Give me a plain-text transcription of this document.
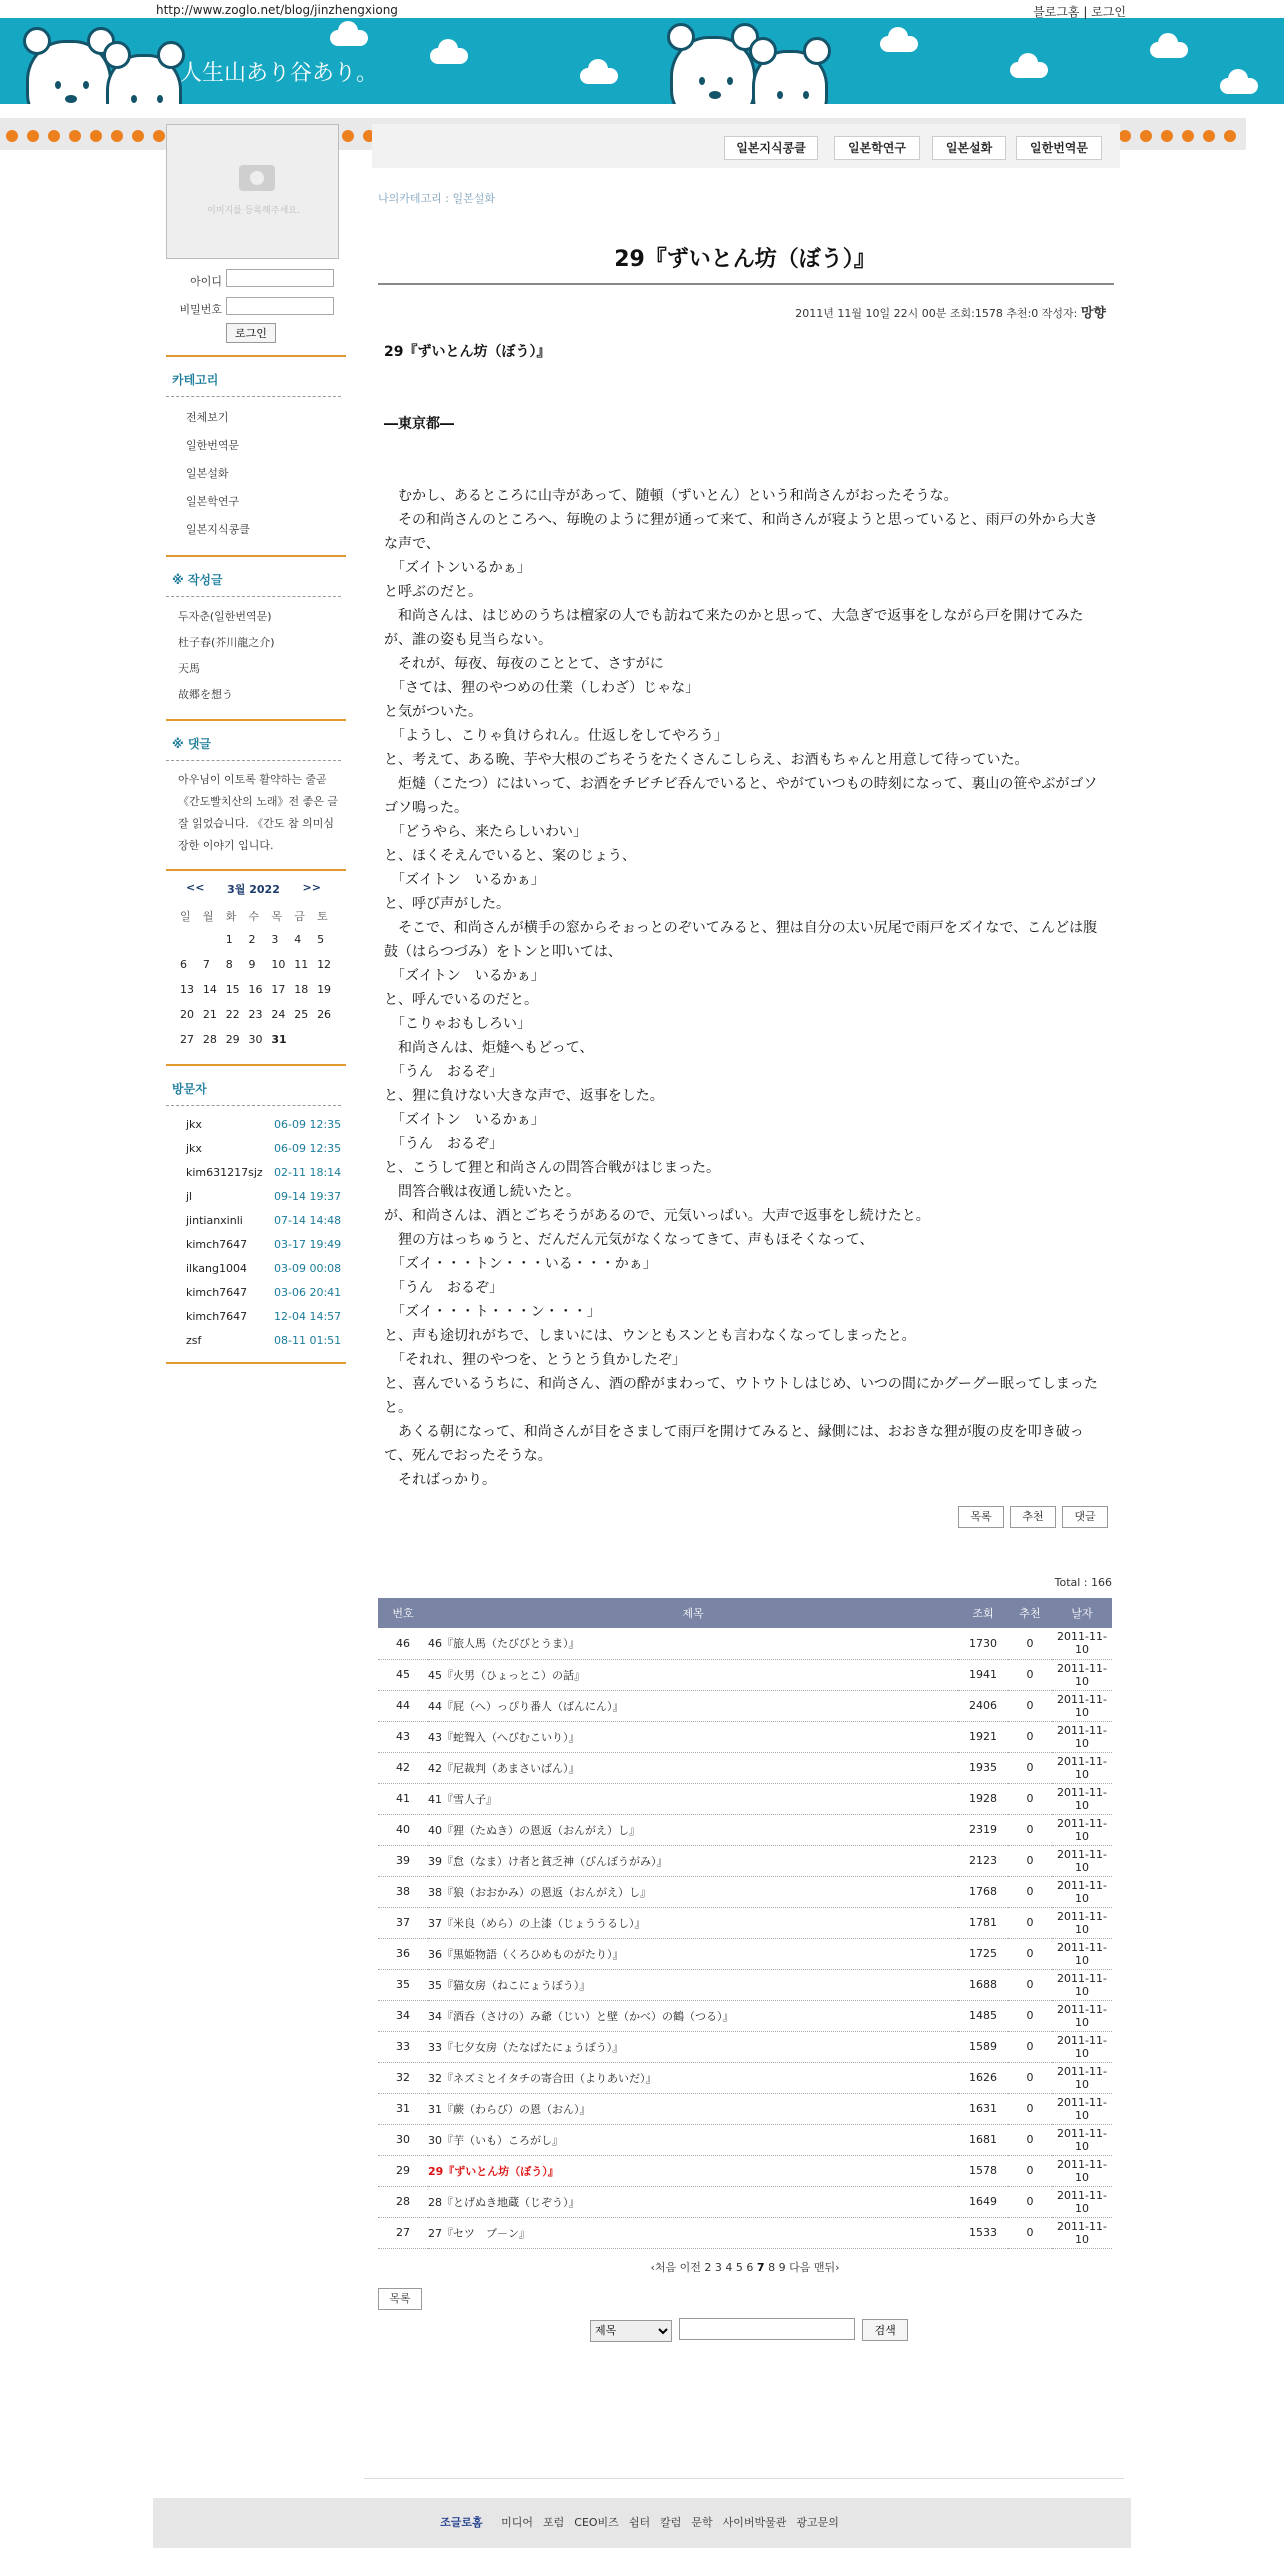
http://www.zoglo.net/blog/jinzhengxiong	블로그홈 | 로그인
人生山あり谷あり。
이미지를 등록해주세요.
아이디
비밀번호
로그인
카테고리
전체보기
일한번역문
일본설화
일본학연구
일본지식콩클
※ 작성글
두자춘(일한번역문)
杜子春(芥川龍之介)
天馬
故郷を想う
※ 댓글
아우님이 이토록 활약하는 줄곧 《간도빨치산의 노래》전 좋은 글 잘 읽었습니다. 《간도 참 의미심장한 이야기 입니다.
<< 3월 2022 >>
일	월	화	수	목	금	토
		1	2	3	4	5
6	7	8	9	10	11	12
13	14	15	16	17	18	19
20	21	22	23	24	25	26
27	28	29	30	31		
방문자
jkx	06-09 12:35
jkx	06-09 12:35
kim631217sjz	02-11 18:14
jl	09-14 19:37
jintianxinli	07-14 14:48
kimch7647	03-17 19:49
ilkang1004	03-09 00:08
kimch7647	03-06 20:41
kimch7647	12-04 14:57
zsf	08-11 01:51
일본지식콩클	일본학연구	일본설화	일한번역문
나의카테고리 : 일본설화
29『ずいとん坊（ぼう）』
2011년 11월 10일 22시 00분 조회:1578 추천:0 작성자: 망향
29『ずいとん坊（ぼう）』

―東京都―

　むかし、あるところに山寺があって、随頓（ずいとん）という和尚さんがおったそうな。
　その和尚さんのところへ、毎晩のように狸が通って来て、和尚さんが寝ようと思っていると、雨戸の外から大きな声で、
　「ズイトンいるかぁ」
と呼ぶのだと。
　和尚さんは、はじめのうちは檀家の人でも訪ねて来たのかと思って、大急ぎで返事をしながら戸を開けてみたが、誰の姿も見当らない。
　それが、毎夜、毎夜のこととて、さすがに
　「さては、狸のやつめの仕業（しわざ）じゃな」
と気がついた。
　「ようし、こりゃ負けられん。仕返しをしてやろう」
と、考えて、ある晩、芋や大根のごちそうをたくさんこしらえ、お酒もちゃんと用意して待っていた。
　炬燵（こたつ）にはいって、お酒をチビチビ呑んでいると、やがていつもの時刻になって、裏山の笹やぶがゴソゴソ鳴った。
　「どうやら、来たらしいわい」
と、ほくそえんでいると、案のじょう、
　「ズイトン　いるかぁ」
と、呼び声がした。
　そこで、和尚さんが横手の窓からそぉっとのぞいてみると、狸は自分の太い尻尾で雨戸をズイなで、こんどは腹鼓（はらつづみ）をトンと叩いては、
　「ズイトン　いるかぁ」
と、呼んでいるのだと。
　「こりゃおもしろい」
　和尚さんは、炬燵へもどって、
　「うん　おるぞ」
と、狸に負けない大きな声で、返事をした。
　「ズイトン　いるかぁ」
　「うん　おるぞ」
と、こうして狸と和尚さんの問答合戦がはじまった。
　問答合戦は夜通し続いたと。
が、和尚さんは、酒とごちそうがあるので、元気いっぱい。大声で返事をし続けたと。
　狸の方はっちゅうと、だんだん元気がなくなってきて、声もほそくなって、
　「ズイ・・・トン・・・いる・・・かぁ」
　「うん　おるぞ」
　「ズイ・・・ト・・・ン・・・」
と、声も途切れがちで、しまいには、ウンともスンとも言わなくなってしまったと。
　「それれ、狸のやつを、とうとう負かしたぞ」
と、喜んでいるうちに、和尚さん、酒の酔がまわって、ウトウトしはじめ、いつの間にかグーグー眠ってしまったと。
　あくる朝になって、和尚さんが目をさまして雨戸を開けてみると、縁側には、おおきな狸が腹の皮を叩き破って、死んでおったそうな。
　そればっかり。
목록	추천	댓글
Total : 166
번호	제목	조회	추천	날자
46	46『旅人馬（たびびとうま）』	1730	0	2011-11-10
45	45『火男（ひょっとこ）の話』	1941	0	2011-11-10
44	44『屁（へ）っぴり番人（ばんにん）』	2406	0	2011-11-10
43	43『蛇聟入（へびむこいり）』	1921	0	2011-11-10
42	42『尼裁判（あまさいばん）』	1935	0	2011-11-10
41	41『雪人子』	1928	0	2011-11-10
40	40『狸（たぬき）の恩返（おんがえ）し』	2319	0	2011-11-10
39	39『怠（なま）け者と貧乏神（びんぼうがみ）』	2123	0	2011-11-10
38	38『狼（おおかみ）の恩返（おんがえ）し』	1768	0	2011-11-10
37	37『米良（めら）の上漆（じょううるし）』	1781	0	2011-11-10
36	36『黒姫物語（くろひめものがたり）』	1725	0	2011-11-10
35	35『猫女房（ねこにょうぼう）』	1688	0	2011-11-10
34	34『酒呑（さけの）み爺（じい）と壁（かべ）の鶴（つる）』	1485	0	2011-11-10
33	33『七夕女房（たなばたにょうぼう）』	1589	0	2011-11-10
32	32『ネズミとイタチの寄合田（よりあいだ）』	1626	0	2011-11-10
31	31『蕨（わらび）の恩（おん）』	1631	0	2011-11-10
30	30『芋（いも）ころがし』	1681	0	2011-11-10
29	29『ずいとん坊（ぼう）』	1578	0	2011-11-10
28	28『とげぬき地蔵（じぞう）』	1649	0	2011-11-10
27	27『セツ　ブ－ン』	1533	0	2011-11-10
‹처음 이전 2 3 4 5 6 7 8 9 다음 맨뒤›
목록
제목  검색
조글로홈 미디어 포럼 CEO비즈 쉼터 칼럼 문학 사이버박물관 광고문의
